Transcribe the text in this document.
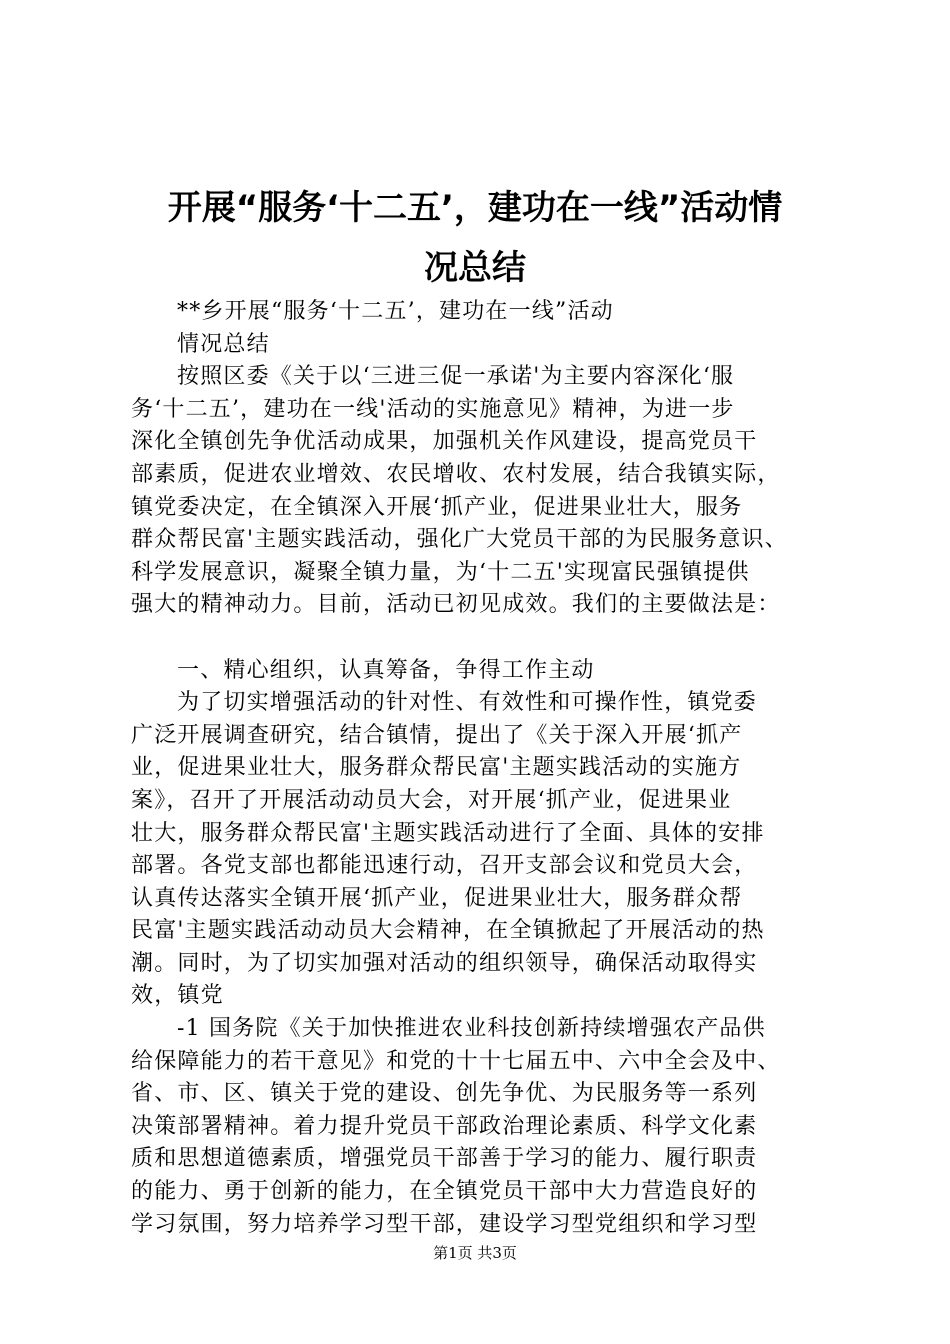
开展“服务‘十二五’，建功在一线”活动情
况总结
**乡开展“服务‘十二五’，建功在一线”活动
情况总结
按照区委《关于以‘三进三促一承诺'为主要内容深化‘服
务‘十二五’，建功在一线'活动的实施意见》精神，为进一步
深化全镇创先争优活动成果，加强机关作风建设，提高党员干
部素质，促进农业增效、农民增收、农村发展，结合我镇实际，
镇党委决定，在全镇深入开展‘抓产业，促进果业壮大，服务
群众帮民富'主题实践活动，强化广大党员干部的为民服务意识、
科学发展意识，凝聚全镇力量，为‘十二五'实现富民强镇提供
强大的精神动力。目前，活动已初见成效。我们的主要做法是：
一、精心组织，认真筹备，争得工作主动
为了切实增强活动的针对性、有效性和可操作性，镇党委
广泛开展调查研究，结合镇情，提出了《关于深入开展‘抓产
业，促进果业壮大，服务群众帮民富'主题实践活动的实施方
案》，召开了开展活动动员大会，对开展‘抓产业，促进果业
壮大，服务群众帮民富'主题实践活动进行了全面、具体的安排
部署。各党支部也都能迅速行动，召开支部会议和党员大会，
认真传达落实全镇开展‘抓产业，促进果业壮大，服务群众帮
民富'主题实践活动动员大会精神，在全镇掀起了开展活动的热
潮。同时，为了切实加强对活动的组织领导，确保活动取得实
效，镇党
-1 国务院《关于加快推进农业科技创新持续增强农产品供
给保障能力的若干意见》和党的十十七届五中、六中全会及中、
省、市、区、镇关于党的建设、创先争优、为民服务等一系列
决策部署精神。着力提升党员干部政治理论素质、科学文化素
质和思想道德素质，增强党员干部善于学习的能力、履行职责
的能力、勇于创新的能力，在全镇党员干部中大力营造良好的
学习氛围，努力培养学习型干部，建设学习型党组织和学习型
第1页 共3页
